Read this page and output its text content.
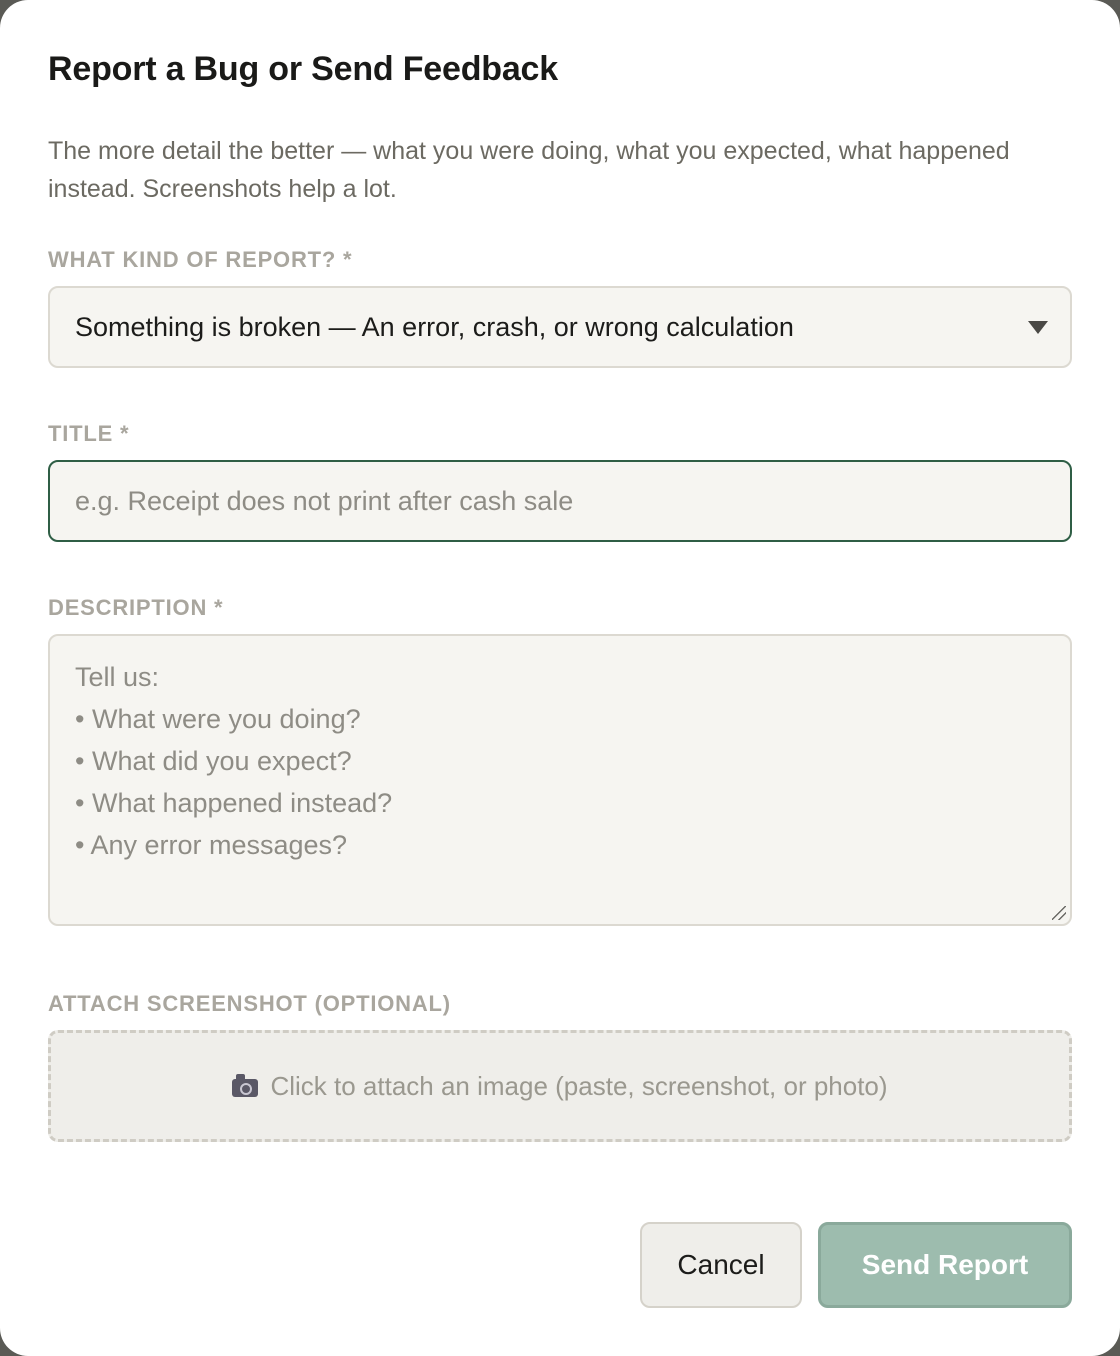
Report a Bug or Send Feedback

The more detail the better — what you were doing, what you expected, what happened instead. Screenshots help a lot.

WHAT KIND OF REPORT? *
Something is broken — An error, crash, or wrong calculation
TITLE *
e.g. Receipt does not print after cash sale
DESCRIPTION *
Tell us:
• What were you doing?
• What did you expect?
• What happened instead?
• Any error messages?
ATTACH SCREENSHOT (OPTIONAL)
Click to attach an image (paste, screenshot, or photo)
Cancel	Send Report
